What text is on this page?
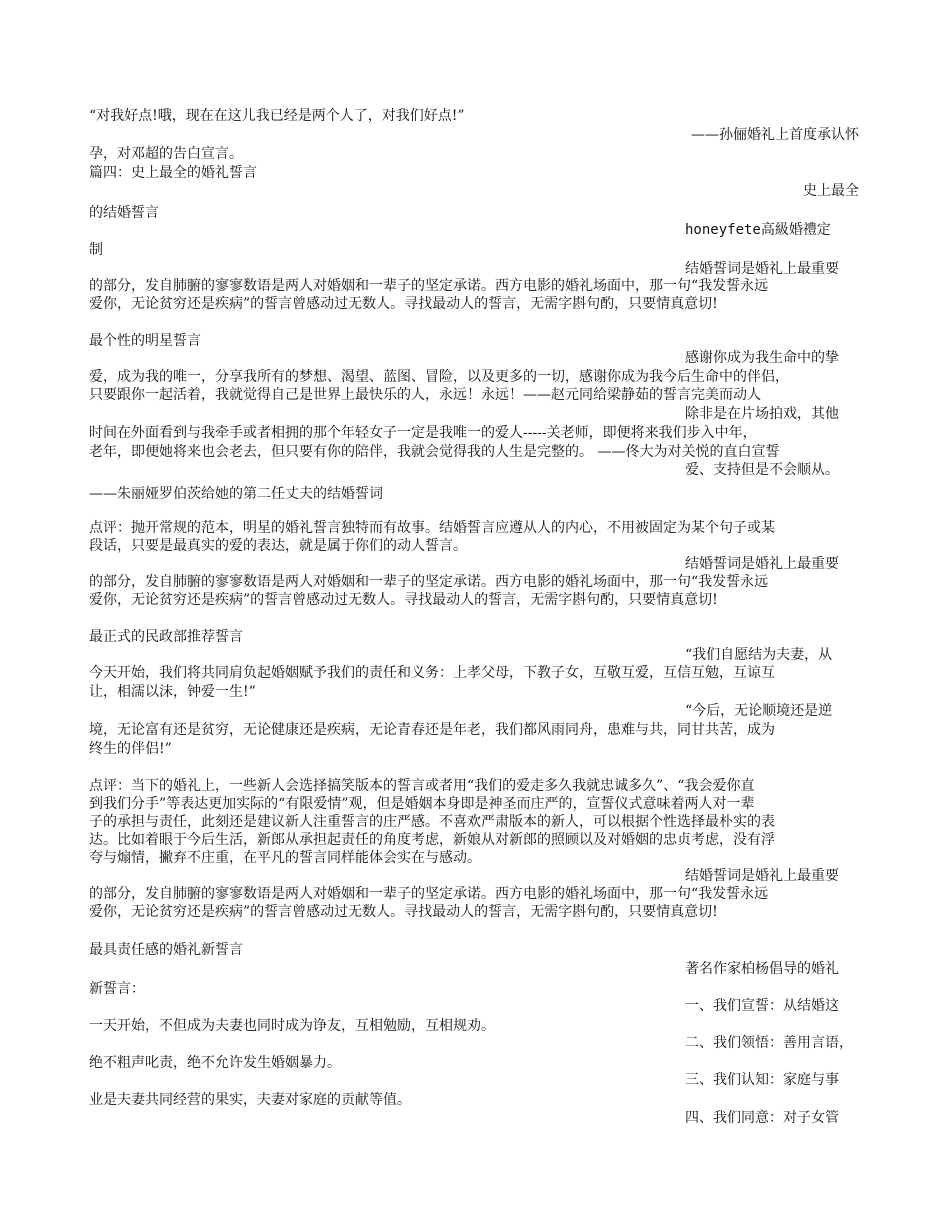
“对我好点!哦，现在在这儿我已经是两个人了，对我们好点!”
——孙俪婚礼上首度承认怀
孕，对邓超的告白宣言。
篇四：史上最全的婚礼誓言
史上最全
的结婚誓言
honeyfete高級婚禮定
制
结婚誓词是婚礼上最重要
的部分，发自肺腑的寥寥数语是两人对婚姻和一辈子的坚定承诺。西方电影的婚礼场面中，那一句“我发誓永远
爱你，无论贫穷还是疾病”的誓言曾感动过无数人。寻找最动人的誓言，无需字斟句酌，只要情真意切!
最个性的明星誓言
感谢你成为我生命中的挚
爱，成为我的唯一，分享我所有的梦想、渴望、蓝图、冒险，以及更多的一切，感谢你成为我今后生命中的伴侣，
只要跟你一起活着，我就觉得自己是世界上最快乐的人，永远！永远！——赵元同给梁静茹的誓言完美而动人
除非是在片场拍戏，其他
时间在外面看到与我牵手或者相拥的那个年轻女子一定是我唯一的爱人-----关老师，即便将来我们步入中年，
老年，即便她将来也会老去，但只要有你的陪伴，我就会觉得我的人生是完整的。 ——佟大为对关悦的直白宣誓
爱、支持但是不会顺从。
——朱丽娅罗伯茨给她的第二任丈夫的结婚誓词
点评：抛开常规的范本，明星的婚礼誓言独特而有故事。结婚誓言应遵从人的内心，不用被固定为某个句子或某
段话，只要是最真实的爱的表达，就是属于你们的动人誓言。
结婚誓词是婚礼上最重要
的部分，发自肺腑的寥寥数语是两人对婚姻和一辈子的坚定承诺。西方电影的婚礼场面中，那一句“我发誓永远
爱你，无论贫穷还是疾病”的誓言曾感动过无数人。寻找最动人的誓言，无需字斟句酌，只要情真意切!
最正式的民政部推荐誓言
“我们自愿结为夫妻，从
今天开始，我们将共同肩负起婚姻赋予我们的责任和义务：上孝父母，下教子女，互敬互爱，互信互勉，互谅互
让，相濡以沫，钟爱一生!”
“今后，无论顺境还是逆
境，无论富有还是贫穷，无论健康还是疾病，无论青春还是年老，我们都风雨同舟，患难与共，同甘共苦，成为
终生的伴侣!”
点评：当下的婚礼上，一些新人会选择搞笑版本的誓言或者用“我们的爱走多久我就忠诚多久”、“我会爱你直
到我们分手”等表达更加实际的“有限爱情”观，但是婚姻本身即是神圣而庄严的，宣誓仪式意味着两人对一辈
子的承担与责任，此刻还是建议新人注重誓言的庄严感。不喜欢严肃版本的新人，可以根据个性选择最朴实的表
达。比如着眼于今后生活，新郎从承担起责任的角度考虑，新娘从对新郎的照顾以及对婚姻的忠贞考虑，没有浮
夸与煽情，撇弃不庄重，在平凡的誓言同样能体会实在与感动。
结婚誓词是婚礼上最重要
的部分，发自肺腑的寥寥数语是两人对婚姻和一辈子的坚定承诺。西方电影的婚礼场面中，那一句“我发誓永远
爱你，无论贫穷还是疾病”的誓言曾感动过无数人。寻找最动人的誓言，无需字斟句酌，只要情真意切!
最具责任感的婚礼新誓言
著名作家柏杨倡导的婚礼
新誓言：
一、我们宣誓：从结婚这
一天开始，不但成为夫妻也同时成为诤友，互相勉励，互相规劝。
二、我们领悟：善用言语，
绝不粗声叱责，绝不允许发生婚姻暴力。
三、我们认知：家庭与事
业是夫妻共同经营的果实，夫妻对家庭的贡献等值。
四、我们同意：对子女管
